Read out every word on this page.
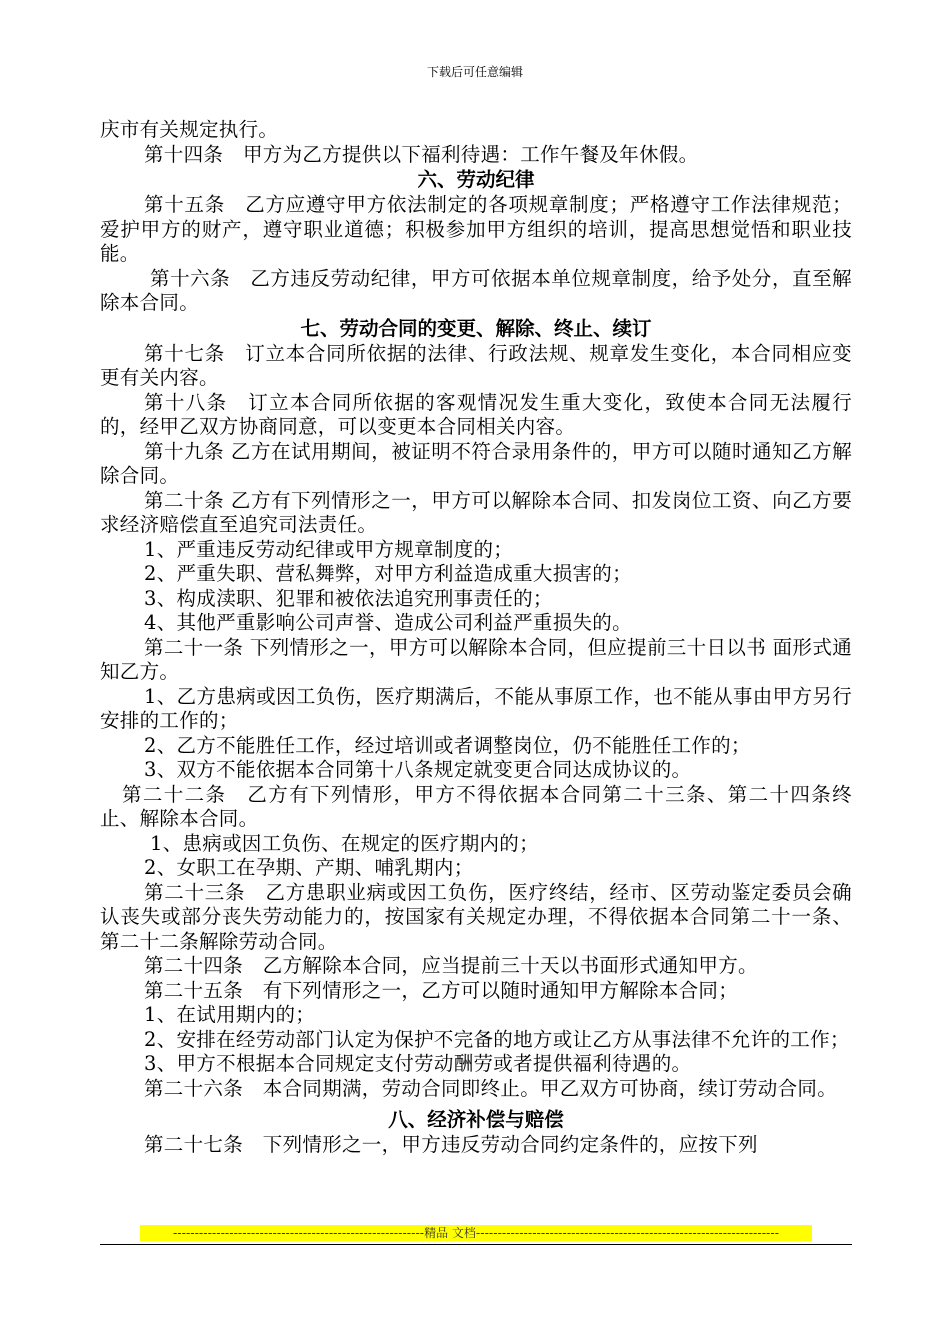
下载后可任意编辑

庆市有关规定执行。

第十四条　甲方为乙方提供以下福利待遇：工作午餐及年休假。

六、劳动纪律

第十五条　乙方应遵守甲方依法制定的各项规章制度；严格遵守工作法律规范；爱护甲方的财产，遵守职业道德；积极参加甲方组织的培训，提高思想觉悟和职业技能。

第十六条　乙方违反劳动纪律，甲方可依据本单位规章制度，给予处分，直至解除本合同。

七、劳动合同的变更、解除、终止、续订

第十七条　订立本合同所依据的法律、行政法规、规章发生变化，本合同相应变更有关内容。

第十八条　订立本合同所依据的客观情况发生重大变化，致使本合同无法履行的，经甲乙双方协商同意，可以变更本合同相关内容。

第十九条 乙方在试用期间，被证明不符合录用条件的，甲方可以随时通知乙方解除合同。

第二十条 乙方有下列情形之一，甲方可以解除本合同、扣发岗位工资、向乙方要求经济赔偿直至追究司法责任。

1、严重违反劳动纪律或甲方规章制度的；

2、严重失职、营私舞弊，对甲方利益造成重大损害的；

3、构成渎职、犯罪和被依法追究刑事责任的；

4、其他严重影响公司声誉、造成公司利益严重损失的。

第二十一条 下列情形之一，甲方可以解除本合同，但应提前三十日以书 面形式通知乙方。

1、乙方患病或因工负伤，医疗期满后，不能从事原工作，也不能从事由甲方另行安排的工作的；

2、乙方不能胜任工作，经过培训或者调整岗位，仍不能胜任工作的；

3、双方不能依据本合同第十八条规定就变更合同达成协议的。

第二十二条　乙方有下列情形，甲方不得依据本合同第二十三条、第二十四条终止、解除本合同。

1、患病或因工负伤、在规定的医疗期内的；

2、女职工在孕期、产期、哺乳期内；

第二十三条　乙方患职业病或因工负伤，医疗终结，经市、区劳动鉴定委员会确认丧失或部分丧失劳动能力的，按国家有关规定办理，不得依据本合同第二十一条、第二十二条解除劳动合同。

第二十四条　乙方解除本合同，应当提前三十天以书面形式通知甲方。

第二十五条　有下列情形之一，乙方可以随时通知甲方解除本合同；

1、在试用期内的；

2、安排在经劳动部门认定为保护不完备的地方或让乙方从事法律不允许的工作；

3、甲方不根据本合同规定支付劳动酬劳或者提供福利待遇的。

第二十六条　本合同期满，劳动合同即终止。甲乙双方可协商，续订劳动合同。

八、经济补偿与赔偿

第二十七条　下列情形之一，甲方违反劳动合同约定条件的，应按下列

----------------------------------------------------------精品 文档----------------------------------------------------------------------
